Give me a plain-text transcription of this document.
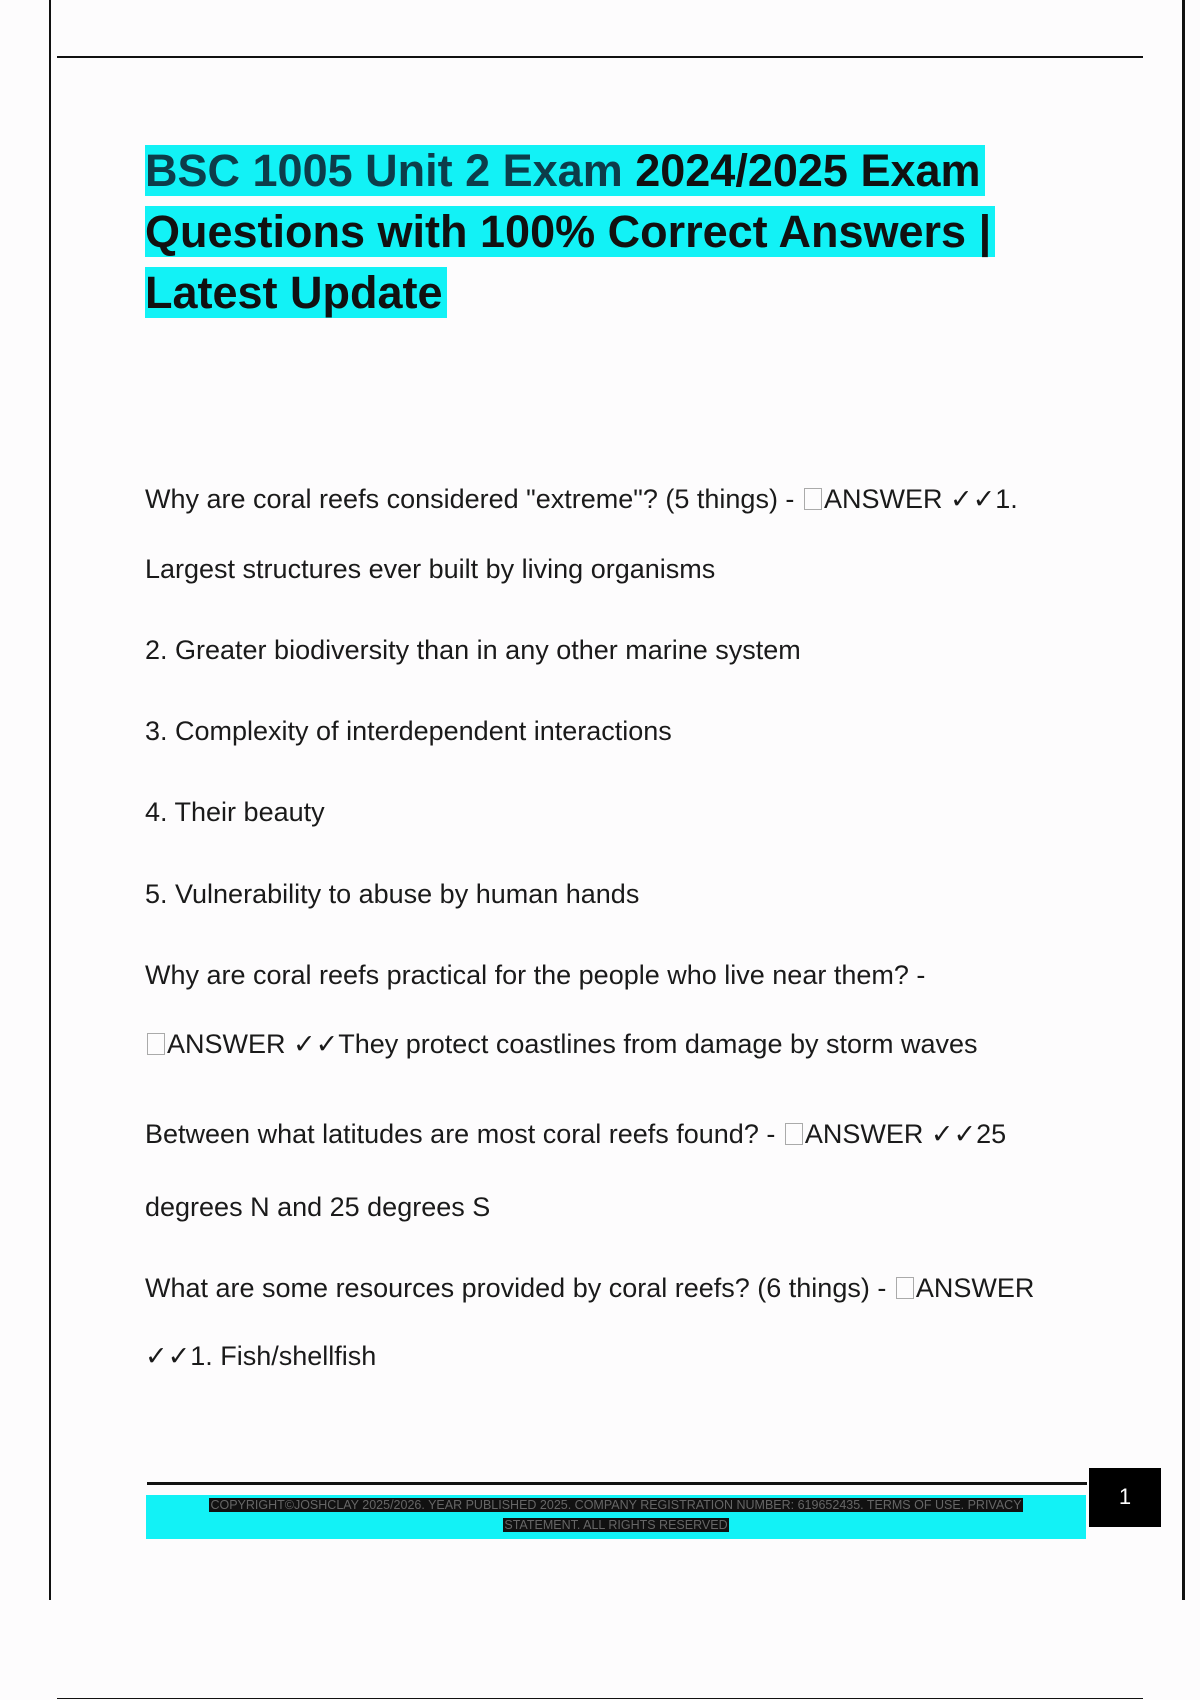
BSC 1005 Unit 2 Exam 2024/2025 Exam
Questions with 100% Correct Answers |
Latest Update

Why are coral reefs considered "extreme"? (5 things) - ANSWER ✓✓1.

Largest structures ever built by living organisms

2. Greater biodiversity than in any other marine system

3. Complexity of interdependent interactions

4. Their beauty

5. Vulnerability to abuse by human hands

Why are coral reefs practical for the people who live near them? -

ANSWER ✓✓They protect coastlines from damage by storm waves

Between what latitudes are most coral reefs found? - ANSWER ✓✓25

degrees N and 25 degrees S

What are some resources provided by coral reefs? (6 things) - ANSWER

✓✓1. Fish/shellfish

COPYRIGHT©JOSHCLAY 2025/2026. YEAR PUBLISHED 2025. COMPANY REGISTRATION NUMBER: 619652435. TERMS OF USE. PRIVACY
STATEMENT. ALL RIGHTS RESERVED
1
